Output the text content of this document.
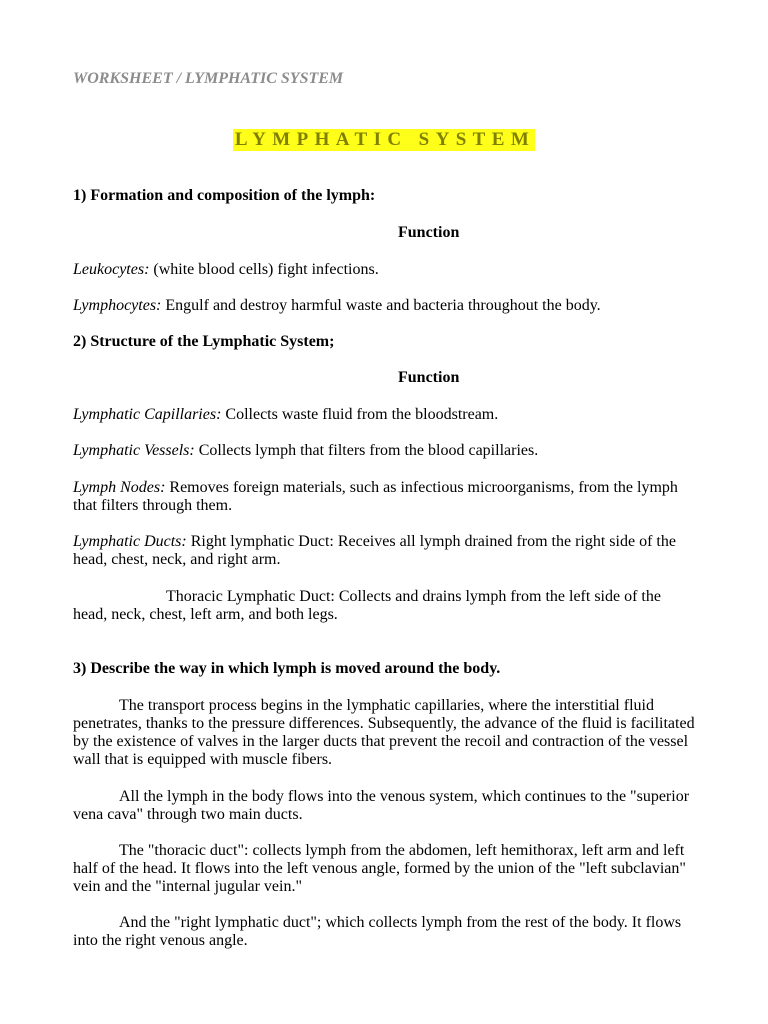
WORKSHEET / LYMPHATIC SYSTEM
LYMPHATIC SYSTEM
1) Formation and composition of the lymph:
Function
Leukocytes: (white blood cells) fight infections.
Lymphocytes: Engulf and destroy harmful waste and bacteria throughout the body.
2) Structure of the Lymphatic System;
Function
Lymphatic Capillaries: Collects waste fluid from the bloodstream.
Lymphatic Vessels: Collects lymph that filters from the blood capillaries.
Lymph Nodes: Removes foreign materials, such as infectious microorganisms, from the lymph that filters through them.
Lymphatic Ducts: Right lymphatic Duct: Receives all lymph drained from the right side of the head, chest, neck, and right arm.
Thoracic Lymphatic Duct: Collects and drains lymph from the left side of the head, neck, chest, left arm, and both legs.
3) Describe the way in which lymph is moved around the body.
The transport process begins in the lymphatic capillaries, where the interstitial fluid penetrates, thanks to the pressure differences. Subsequently, the advance of the fluid is facilitated by the existence of valves in the larger ducts that prevent the recoil and contraction of the vessel wall that is equipped with muscle fibers.
All the lymph in the body flows into the venous system, which continues to the "superior vena cava" through two main ducts.
The "thoracic duct": collects lymph from the abdomen, left hemithorax, left arm and left half of the head. It flows into the left venous angle, formed by the union of the "left subclavian" vein and the "internal jugular vein."
And the "right lymphatic duct"; which collects lymph from the rest of the body. It flows into the right venous angle.
